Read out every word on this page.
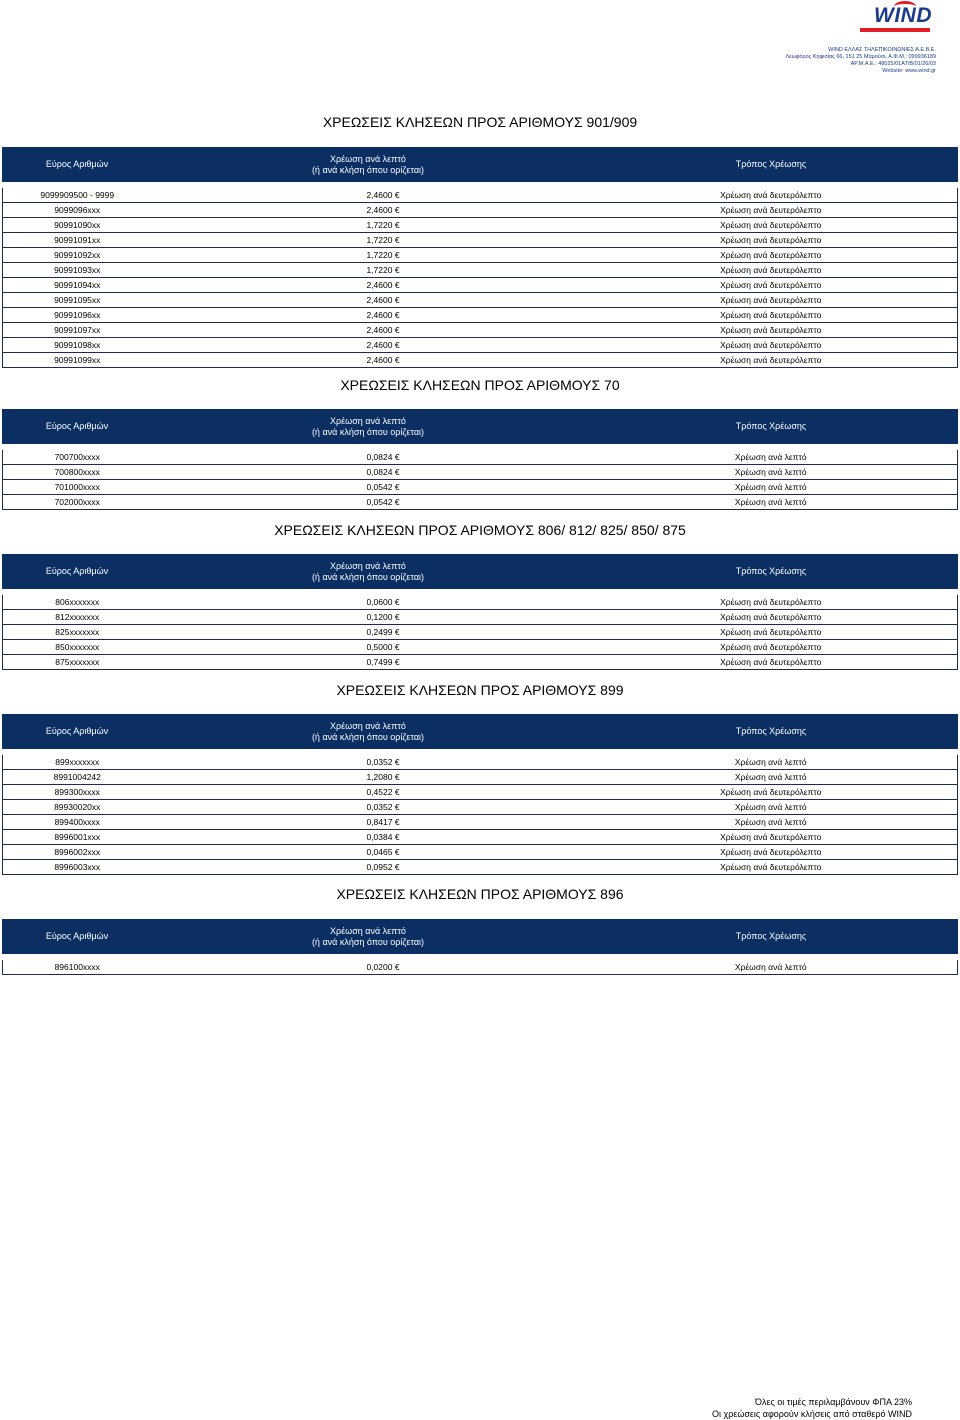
WIND
WIND ΕΛΛΑΣ ΤΗΛΕΠΙΚΟΙΝΩΝΙΕΣ Α.Ε.Β.Ε.
Λεωφόρος Κηφισίας 66, 151 25 Μαρούσι, Α.Φ.Μ.: 099936189
ΑΡ.Μ.Α.Ε.: 48025/01ΑΤ/Β/01/26/03
Website: www.wind.gr
ΧΡΕΩΣΕΙΣ ΚΛΗΣΕΩΝ ΠΡΟΣ ΑΡΙΘΜΟΥΣ 901/909
Εύρος Αριθμών	Χρέωση ανά λεπτό
(ή ανά κλήση όπου ορίζεται)	Τρόπος Χρέωσης

9099909500 - 9999	2,4600 €	Χρέωση ανά δευτερόλεπτο
9099096xxx	2,4600 €	Χρέωση ανά δευτερόλεπτο
90991090xx	1,7220 €	Χρέωση ανά δευτερόλεπτο
90991091xx	1,7220 €	Χρέωση ανά δευτερόλεπτο
90991092xx	1,7220 €	Χρέωση ανά δευτερόλεπτο
90991093xx	1,7220 €	Χρέωση ανά δευτερόλεπτο
90991094xx	2,4600 €	Χρέωση ανά δευτερόλεπτο
90991095xx	2,4600 €	Χρέωση ανά δευτερόλεπτο
90991096xx	2,4600 €	Χρέωση ανά δευτερόλεπτο
90991097xx	2,4600 €	Χρέωση ανά δευτερόλεπτο
90991098xx	2,4600 €	Χρέωση ανά δευτερόλεπτο
90991099xx	2,4600 €	Χρέωση ανά δευτερόλεπτο
ΧΡΕΩΣΕΙΣ ΚΛΗΣΕΩΝ ΠΡΟΣ ΑΡΙΘΜΟΥΣ 70
Εύρος Αριθμών	Χρέωση ανά λεπτό
(ή ανά κλήση όπου ορίζεται)	Τρόπος Χρέωσης

700700xxxx	0,0824 €	Χρέωση ανά λεπτό
700800xxxx	0,0824 €	Χρέωση ανά λεπτό
701000xxxx	0,0542 €	Χρέωση ανά λεπτό
702000xxxx	0,0542 €	Χρέωση ανά λεπτό
ΧΡΕΩΣΕΙΣ ΚΛΗΣΕΩΝ ΠΡΟΣ ΑΡΙΘΜΟΥΣ 806/ 812/ 825/ 850/ 875
Εύρος Αριθμών	Χρέωση ανά λεπτό
(ή ανά κλήση όπου ορίζεται)	Τρόπος Χρέωσης

806xxxxxxx	0,0600 €	Χρέωση ανά δευτερόλεπτο
812xxxxxxx	0,1200 €	Χρέωση ανά δευτερόλεπτο
825xxxxxxx	0,2499 €	Χρέωση ανά δευτερόλεπτο
850xxxxxxx	0,5000 €	Χρέωση ανά δευτερόλεπτο
875xxxxxxx	0,7499 €	Χρέωση ανά δευτερόλεπτο
ΧΡΕΩΣΕΙΣ ΚΛΗΣΕΩΝ ΠΡΟΣ ΑΡΙΘΜΟΥΣ 899
Εύρος Αριθμών	Χρέωση ανά λεπτό
(ή ανά κλήση όπου ορίζεται)	Τρόπος Χρέωσης

899xxxxxxx	0,0352 €	Χρέωση ανά λεπτό
8991004242	1,2080 €	Χρέωση ανά λεπτό
899300xxxx	0,4522 €	Χρέωση ανά δευτερόλεπτο
89930020xx	0,0352 €	Χρέωση ανά λεπτό
899400xxxx	0,8417 €	Χρέωση ανά λεπτό
8996001xxx	0,0384 €	Χρέωση ανά δευτερόλεπτο
8996002xxx	0,0465 €	Χρέωση ανά δευτερόλεπτο
8996003xxx	0,0952 €	Χρέωση ανά δευτερόλεπτο
ΧΡΕΩΣΕΙΣ ΚΛΗΣΕΩΝ ΠΡΟΣ ΑΡΙΘΜΟΥΣ 896
Εύρος Αριθμών	Χρέωση ανά λεπτό
(ή ανά κλήση όπου ορίζεται)	Τρόπος Χρέωσης

896100xxxx	0,0200 €	Χρέωση ανά λεπτό
Όλες οι τιμές περιλαμβάνουν ΦΠΑ 23%
Οι χρεώσεις αφορούν κλήσεις από σταθερό WIND
